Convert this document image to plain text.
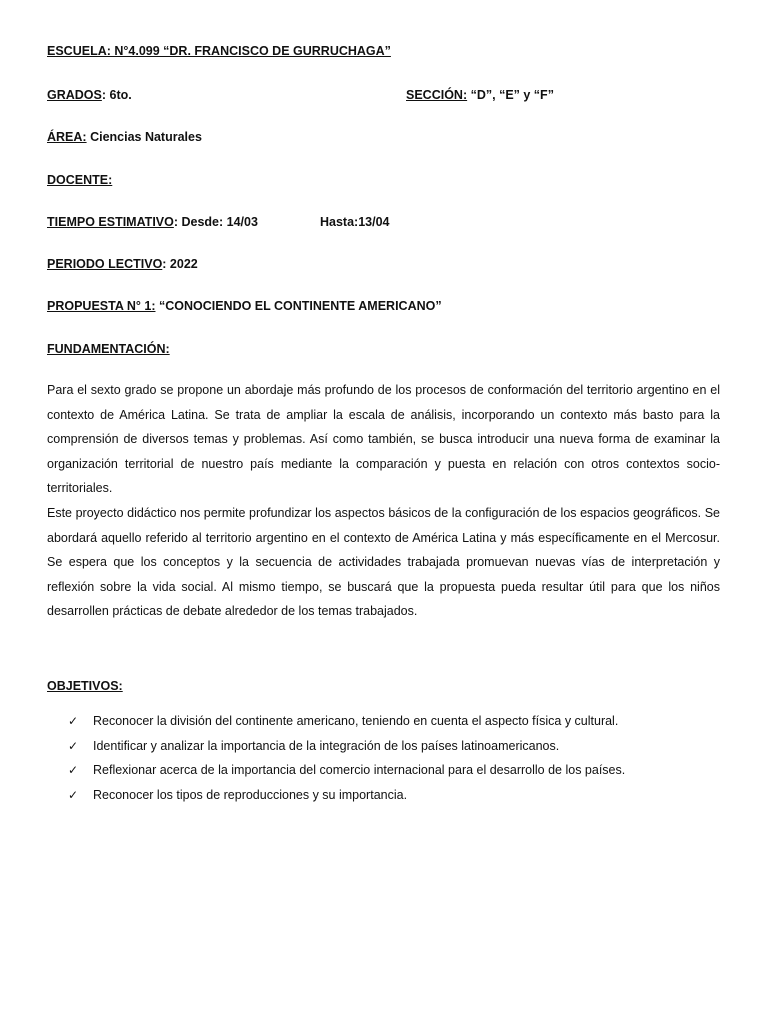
ESCUELA: N°4.099 “DR. FRANCISCO DE GURRUCHAGA”
GRADOS: 6to.	SECCIÓN: “D”, “E” y “F”
ÁREA: Ciencias Naturales
DOCENTE:
TIEMPO ESTIMATIVO: Desde: 14/03	Hasta:13/04
PERIODO LECTIVO: 2022
PROPUESTA N° 1: “CONOCIENDO EL CONTINENTE AMERICANO”
FUNDAMENTACIÓN:

Para el sexto grado se propone un abordaje más profundo de los procesos de conformación del territorio argentino en el contexto de América Latina. Se trata de ampliar la escala de análisis, incorporando un contexto más basto para la comprensión de diversos temas y problemas. Así como también, se busca introducir una nueva forma de examinar la organización territorial de nuestro país mediante la comparación y puesta en relación con otros contextos socio-territoriales.

Este proyecto didáctico nos permite profundizar los aspectos básicos de la configuración de los espacios geográficos. Se abordará aquello referido al territorio argentino en el contexto de América Latina y más específicamente en el Mercosur. Se espera que los conceptos y la secuencia de actividades trabajada promuevan nuevas vías de interpretación y reflexión sobre la vida social. Al mismo tiempo, se buscará que la propuesta pueda resultar útil para que los niños desarrollen prácticas de debate alrededor de los temas trabajados.

OBJETIVOS:
✓ Reconocer la división del continente americano, teniendo en cuenta el aspecto física y cultural.
✓ Identificar y analizar la importancia de la integración de los países latinoamericanos.
✓ Reflexionar acerca de la importancia del comercio internacional para el desarrollo de los países.
✓ Reconocer los tipos de reproducciones y su importancia.
